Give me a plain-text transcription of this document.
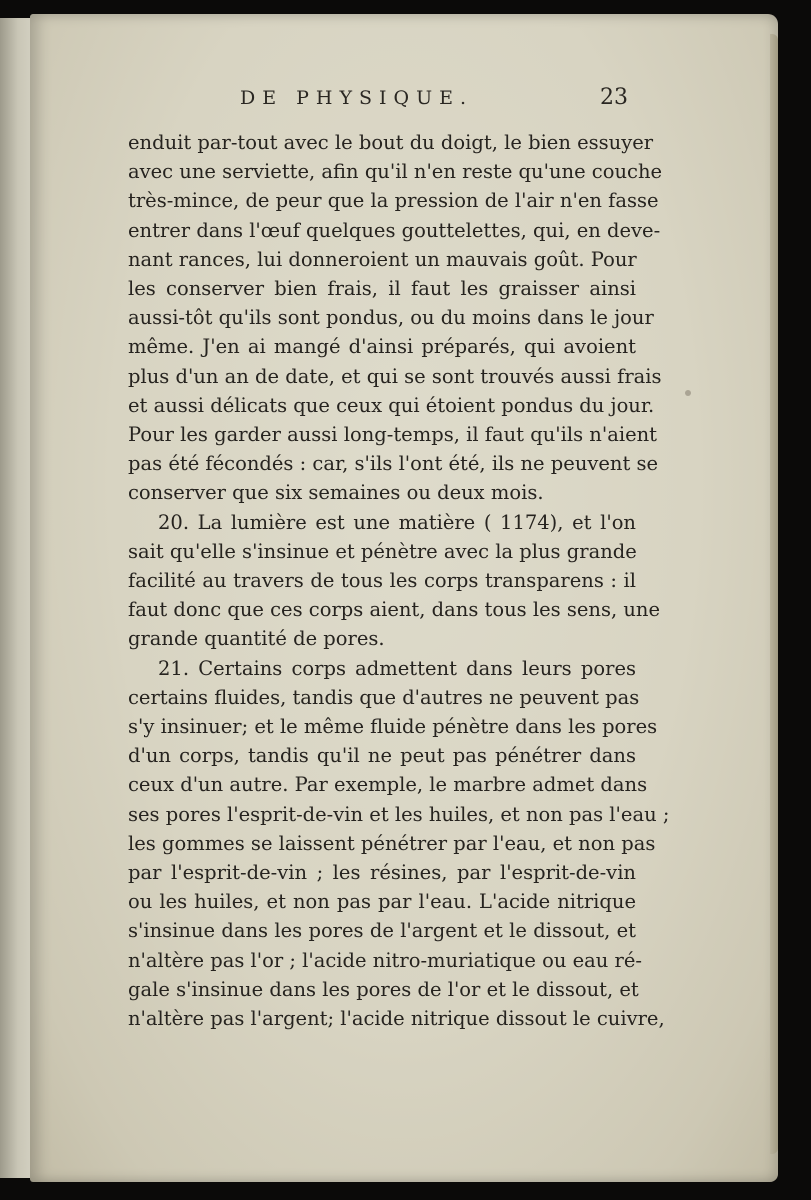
DE PHYSIQUE.	23
enduit par-tout avec le bout du doigt, le bien essuyer
avec une serviette, afin qu'il n'en reste qu'une couche
très-mince, de peur que la pression de l'air n'en fasse
entrer dans l'œuf quelques gouttelettes, qui, en deve-
nant rances, lui donneroient un mauvais goût. Pour
les conserver bien frais, il faut les graisser ainsi
aussi-tôt qu'ils sont pondus, ou du moins dans le jour
même. J'en ai mangé d'ainsi préparés, qui avoient
plus d'un an de date, et qui se sont trouvés aussi frais
et aussi délicats que ceux qui étoient pondus du jour.
Pour les garder aussi long-temps, il faut qu'ils n'aient
pas été fécondés : car, s'ils l'ont été, ils ne peuvent se
conserver que six semaines ou deux mois.
20. La lumière est une matière ( 1174), et l'on
sait qu'elle s'insinue et pénètre avec la plus grande
facilité au travers de tous les corps transparens : il
faut donc que ces corps aient, dans tous les sens, une
grande quantité de pores.
21. Certains corps admettent dans leurs pores
certains fluides, tandis que d'autres ne peuvent pas
s'y insinuer; et le même fluide pénètre dans les pores
d'un corps, tandis qu'il ne peut pas pénétrer dans
ceux d'un autre. Par exemple, le marbre admet dans
ses pores l'esprit-de-vin et les huiles, et non pas l'eau ;
les gommes se laissent pénétrer par l'eau, et non pas
par l'esprit-de-vin ; les résines, par l'esprit-de-vin
ou les huiles, et non pas par l'eau. L'acide nitrique
s'insinue dans les pores de l'argent et le dissout, et
n'altère pas l'or ; l'acide nitro-muriatique ou eau ré-
gale s'insinue dans les pores de l'or et le dissout, et
n'altère pas l'argent; l'acide nitrique dissout le cuivre,
